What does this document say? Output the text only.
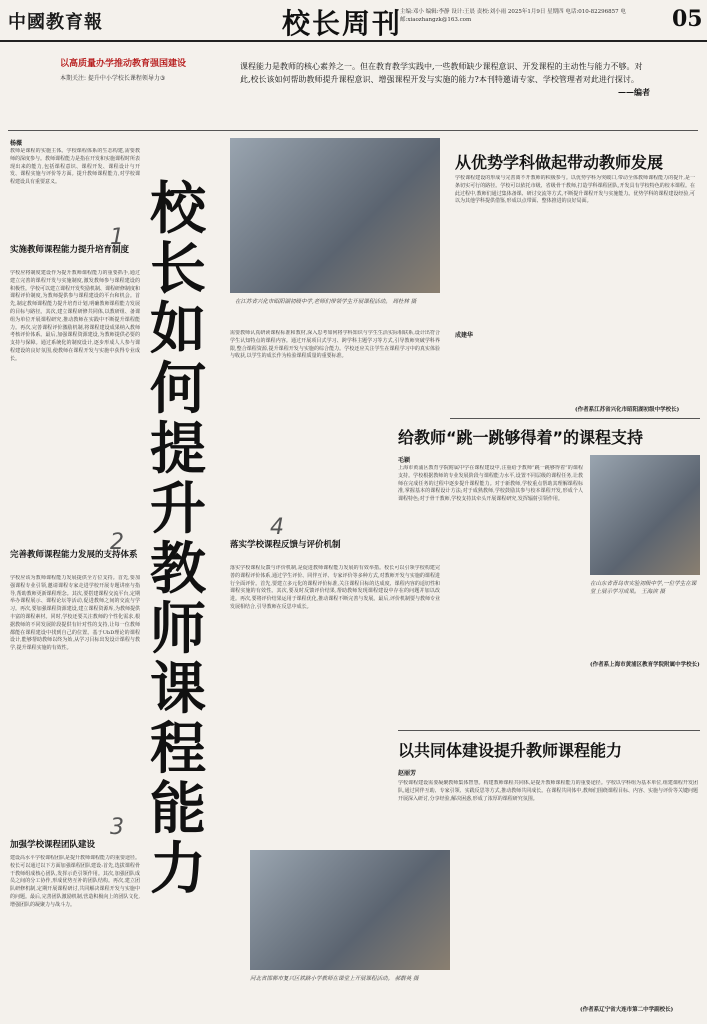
中國教育報	校长周刊
主编:邓小 编辑:李静 设计:王晨 责校:刘小雨 2025年1月9日 星期四 电话:010-82296857 电邮:xiaozhangzk@163.com	05
以高质量办学推动教育强国建设
本期关注: 提升中小学校长课程领导力③
课程能力是教师的核心素养之一。但在教育教学实践中,一些教师缺少课程意识、开发课程的主动性与能力不够。对此,校长该如何帮助教师提升课程意识、增强课程开发与实施的能力?本刊特邀请专家、学校管理者对此进行探讨。
——编者
杨薇
教师是课程的实施主体。学校课程体系的生态构建,需要教师的深度参与。教师课程能力是指在开发和实施课程时所表现出来的能力,包括课程意识、课程开发、课程设计与开发、课程实施与评价等方面。提升教师课程能力,对学校课程建设具有重要意义。
1
实施教师课程能力提升培育制度
学校应将制度建设作为提升教师课程能力的重要抓手,通过建立完善的课程开发与实施制度,激发教师参与课程建设的积极性。学校可以建立课程开发奖励机制、课程研修制度和课程评价制度,为教师提供参与课程建设的平台和机会。首先,制定教师课程能力提升培育计划,明确教师课程能力发展的目标与路径。其次,建立课程研修共同体,以教研组、备课组为单位开展课程研究,推动教师在实践中不断提升课程能力。再次,完善课程评价激励机制,将课程建设成果纳入教师考核评价体系。最后,加强课程资源建设,为教师提供必要的支持与保障。通过系统化的制度设计,逐步形成人人参与课程建设的良好氛围,使教师在课程开发与实施中获得专业成长。
2
完善教师课程能力发展的支持体系
学校应该为教师课程能力发展提供全方位支持。首先,要加强课程专业引领,邀请课程专家走进学校开展专题讲座与指导,帮助教师更新课程理念。其次,要搭建课程交流平台,定期举办课程展示、课程论坛等活动,促进教师之间的交流与学习。再次,要加强课程资源建设,建立课程资源库,为教师提供丰富的课程素材。同时,学校还要关注教师的个性化需求,根据教师的不同发展阶段提供有针对性的支持,让每一位教师都能在课程建设中找到自己的位置。基于UbD理论的课程设计,能够帮助教师以终为始,从学习目标出发设计课程与教学,提升课程实施的有效性。
3
加强学校课程团队建设
建设高水平学校课程团队是提升教师课程能力的重要途径。校长可以通过以下方面加强课程团队建设:首先,选拔课程骨干教师组成核心团队,发挥示范引领作用。其次,加强团队成员之间的分工协作,形成优势互补的团队结构。再次,建立团队研修机制,定期开展课程研讨,共同解决课程开发与实施中的问题。最后,完善团队激励机制,营造积极向上的团队文化,增强团队的凝聚力与战斗力。
校长如何提升教师课程能力
在江苏省兴化市昭阳湖初级中学,老师们带领学生开展课程活动。 周杜林 摄
需要教师认真研读课程标准和教材,深入思考如何将学科知识与学生生活实际相联系,设计出符合学生认知特点的课程内容。通过开展项目式学习、跨学科主题学习等方式,引导教师突破学科界限,整合课程资源,提升课程开发与实施的综合能力。学校还应关注学生在课程学习中的真实体验与收获,以学生的成长作为检验课程质量的重要标准。
4
落实学校课程反馈与评价机制
落实学校课程反馈与评价机制,是促进教师课程能力发展的有效举措。校长可以引领学校构建完善的课程评价体系,通过学生评价、同伴互评、专家评价等多种方式,对教师开发与实施的课程进行全面评价。首先,要建立多元化的课程评价标准,关注课程目标的达成度、课程内容的适切性和课程实施的有效性。其次,要及时反馈评价结果,帮助教师发现课程建设中存在的问题并加以改进。再次,要将评价结果运用于课程优化,推动课程不断完善与发展。最后,评价机制要与教师专业发展相结合,引导教师在反思中成长。
从优势学科做起带动教师发展
成建华
学校课程建设的形成与完善离不开教师的积极参与。以优势学科为突破口,带动全体教师课程能力的提升,是一条切实可行的路径。学校可以依托市级、省级骨干教师,打造学科课程团队,开发具有学校特色的校本课程。在此过程中,教师们通过集体备课、研讨交流等方式,不断提升课程开发与实施能力。优势学科的课程建设经验,可以为其他学科提供借鉴,形成以点带面、整体推进的良好局面。
(作者系江苏省兴化市昭阳湖初级中学校长)
给教师“跳一跳够得着”的课程支持
毛颖
上海市黄浦区教育学院附属中学在课程建设中,注重给予教师“跳一跳够得着”的课程支持。学校根据教师的专业发展阶段与课程能力水平,设置不同层级的课程任务,让教师在完成任务的过程中逐步提升课程能力。对于新教师,学校重点帮助其理解课程标准,掌握基本的课程设计方法;对于成熟教师,学校鼓励其参与校本课程开发,形成个人课程特色;对于骨干教师,学校支持其牵头开展课程研究,发挥辐射引领作用。
在山东省青岛市实验初级中学,一位学生在课堂上展示学习成果。 王海滨 摄
(作者系上海市黄浦区教育学院附属中学校长)
以共同体建设提升教师课程能力
赵丽芳
学校课程建设需要凝聚教师集体智慧。构建教师课程共同体,是提升教师课程能力的重要途径。学校以学科组为基本单位,组建课程开发团队,通过同伴互助、专家引领、实践反思等方式,推动教师共同成长。在课程共同体中,教师们围绕课程目标、内容、实施与评价等关键问题开展深入研讨,分享经验,解决困惑,形成了浓厚的课程研究氛围。
河北省邯郸市复兴区铁路小学教师在课堂上开展课程活动。 郝群英 摄
(作者系辽宁省大连市第二中学副校长)
